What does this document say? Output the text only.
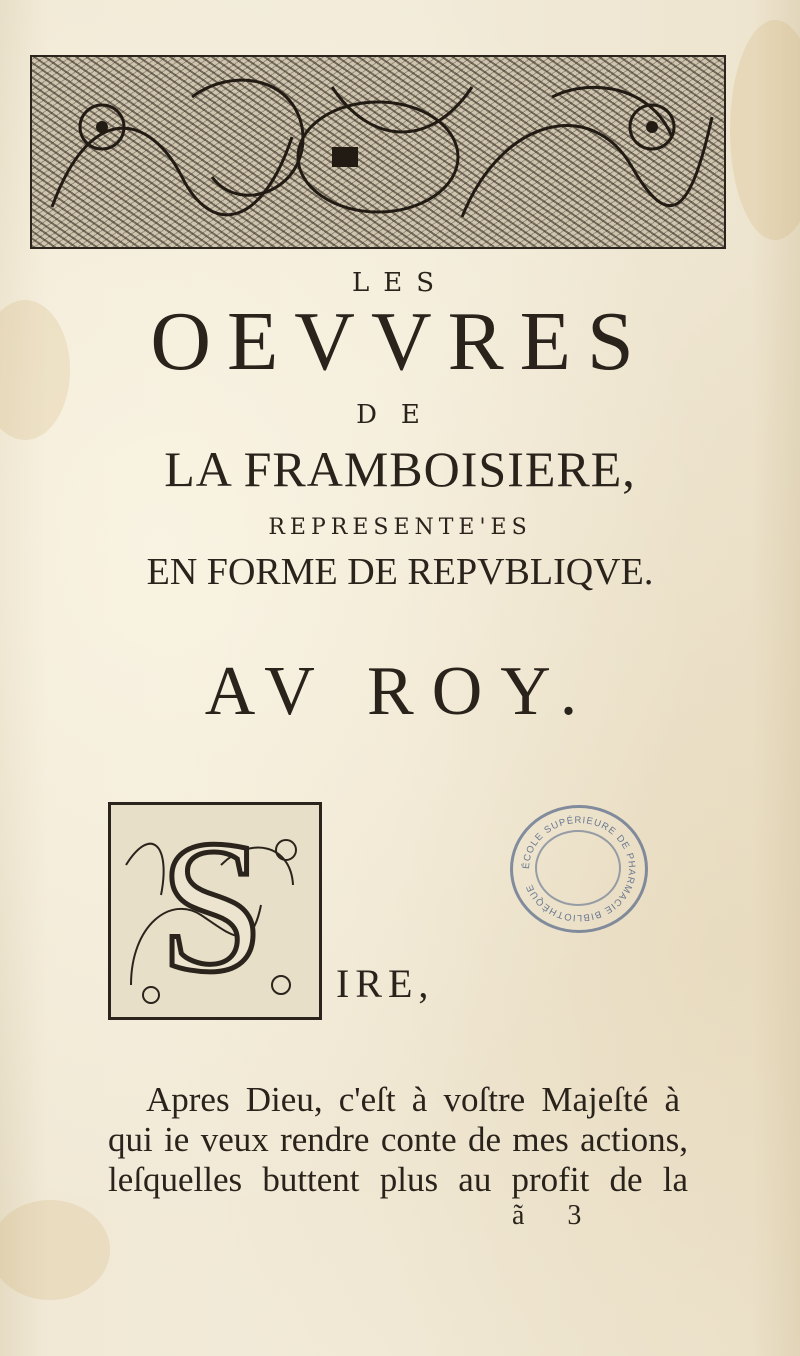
LES
OEVVRES
DE
LA FRAMBOISIERE,
REPRESENTE'ES
EN FORME DE REPVBLIQVE.
AV ROY.
S IRE,
ÉCOLE SUPÉRIEURE DE PHARMACIE BIBLIOTHÈQUE
Apres Dieu, c'eſt à voſtre Majeſté à
qui ie veux rendre conte de mes actions,
leſquelles buttent plus au profit de la
ã 3
